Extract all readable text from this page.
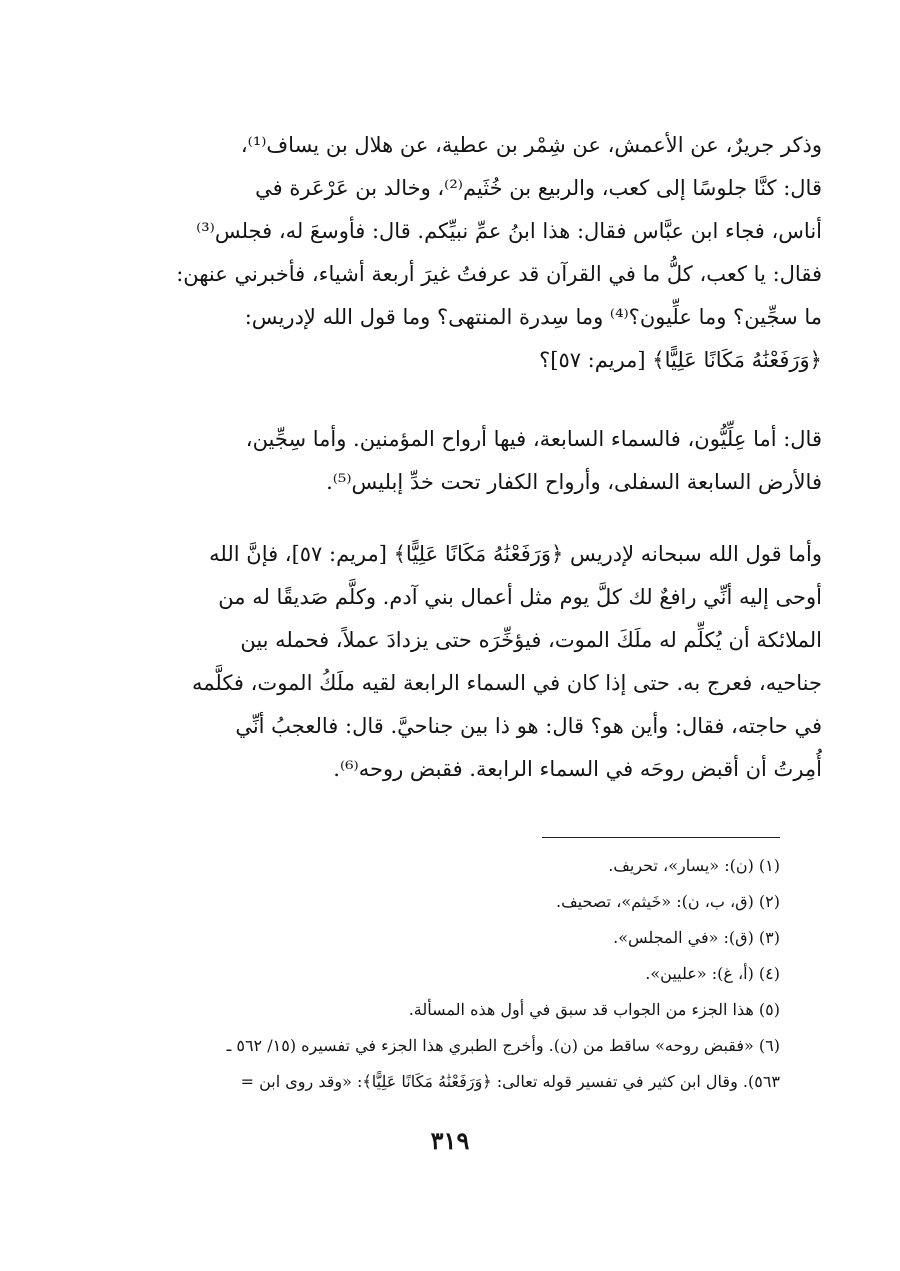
وذكر جريرٌ، عن الأعمش، عن شِمْر بن عطية، عن هلال بن يساف⁽¹⁾،
قال: كنَّا جلوسًا إلى كعب، والربيع بن خُثَيم⁽²⁾، وخالد بن عَرْعَرة في
أناس، فجاء ابن عبَّاس فقال: هذا ابنُ عمِّ نبيِّكم. قال: فأوسعَ له، فجلس⁽³⁾
فقال: يا كعب، كلُّ ما في القرآن قد عرفتُ غيرَ أربعة أشياء، فأخبرني عنهن:
ما سجِّين؟ وما علِّيون؟⁽⁴⁾ وما سِدرة المنتهى؟ وما قول الله لإدريس:
﴿وَرَفَعْنَٰهُ مَكَانًا عَلِيًّا﴾ [مريم: ٥٧]؟
قال: أما عِلِّيُّون، فالسماء السابعة، فيها أرواح المؤمنين. وأما سِجِّين،
فالأرض السابعة السفلى، وأرواح الكفار تحت خدِّ إبليس⁽⁵⁾.
وأما قول الله سبحانه لإدريس ﴿وَرَفَعْنَٰهُ مَكَانًا عَلِيًّا﴾ [مريم: ٥٧]، فإنَّ الله
أوحى إليه أنِّي رافعٌ لك كلَّ يوم مثل أعمال بني آدم. وكلَّم صَديقًا له من
الملائكة أن يُكلِّم له ملَكَ الموت، فيؤخِّرَه حتى يزدادَ عملاً، فحمله بين
جناحيه، فعرج به. حتى إذا كان في السماء الرابعة لقيه ملَكُ الموت، فكلَّمه
في حاجته، فقال: وأين هو؟ قال: هو ذا بين جناحيَّ. قال: فالعجبُ أنِّي
أُمِرتُ أن أقبض روحَه في السماء الرابعة. فقبض روحه⁽⁶⁾.
(١) (ن): «يسار»، تحريف.
(٢) (ق، ب، ن): «خَيثم»، تصحيف.
(٣) (ق): «في المجلس».
(٤) (أ، غ): «عليين».
(٥) هذا الجزء من الجواب قد سبق في أول هذه المسألة.
(٦) «فقبض روحه» ساقط من (ن). وأخرج الطبري هذا الجزء في تفسيره (١٥/ ٥٦٢ ـ
٥٦٣). وقال ابن كثير في تفسير قوله تعالى: ﴿وَرَفَعْنَٰهُ مَكَانًا عَلِيًّا﴾: «وقد روى ابن =
٣١٩
